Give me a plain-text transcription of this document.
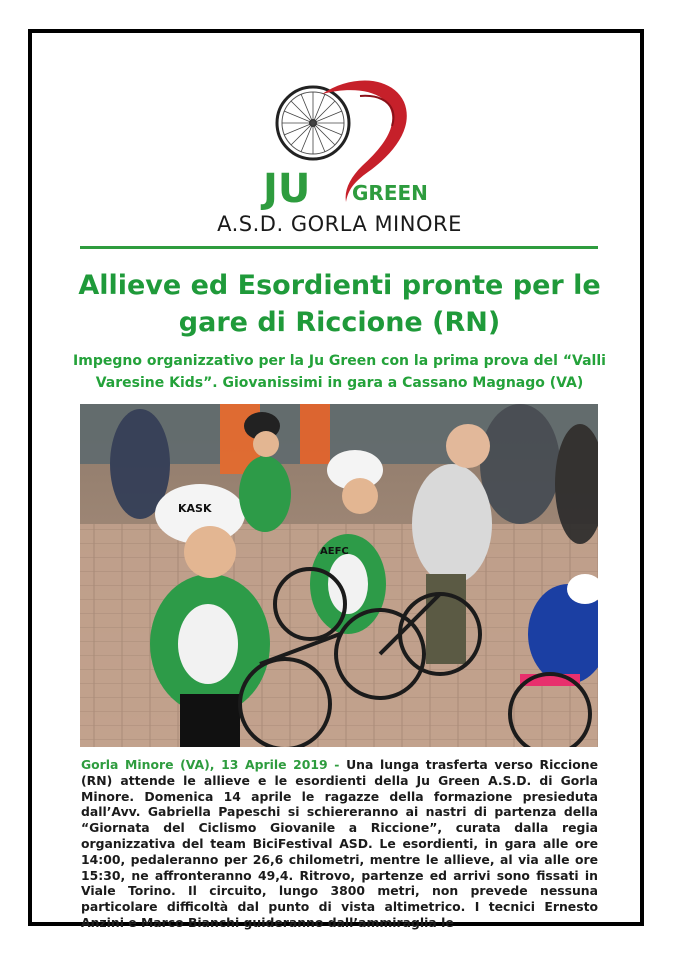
JU GREEN
A.S.D. GORLA MINORE
Allieve ed Esordienti pronte per le gare di Riccione (RN)
Impegno organizzativo per la Ju Green con la prima prova del “Valli Varesine Kids”. Giovanissimi in gara a Cassano Magnago (VA)
KASK
AEFC
Gorla Minore (VA), 13 Aprile 2019 - Una lunga trasferta verso Riccione (RN) attende le allieve e le esordienti della Ju Green A.S.D. di Gorla Minore. Domenica 14 aprile le ragazze della formazione presieduta dall’Avv. Gabriella Papeschi si schiereranno ai nastri di partenza della “Giornata del Ciclismo Giovanile a Riccione”, curata dalla regia organizzativa del team BiciFestival ASD. Le esordienti, in gara alle ore 14:00, pedaleranno per 26,6 chilometri, mentre le allieve, al via alle ore 15:30, ne affronteranno 49,4. Ritrovo, partenze ed arrivi sono fissati in Viale Torino. Il circuito, lungo 3800 metri, non prevede nessuna particolare difficoltà dal punto di vista altimetrico. I tecnici Ernesto Anzini e Marco Bianchi guideranno dall’ammiraglia le
